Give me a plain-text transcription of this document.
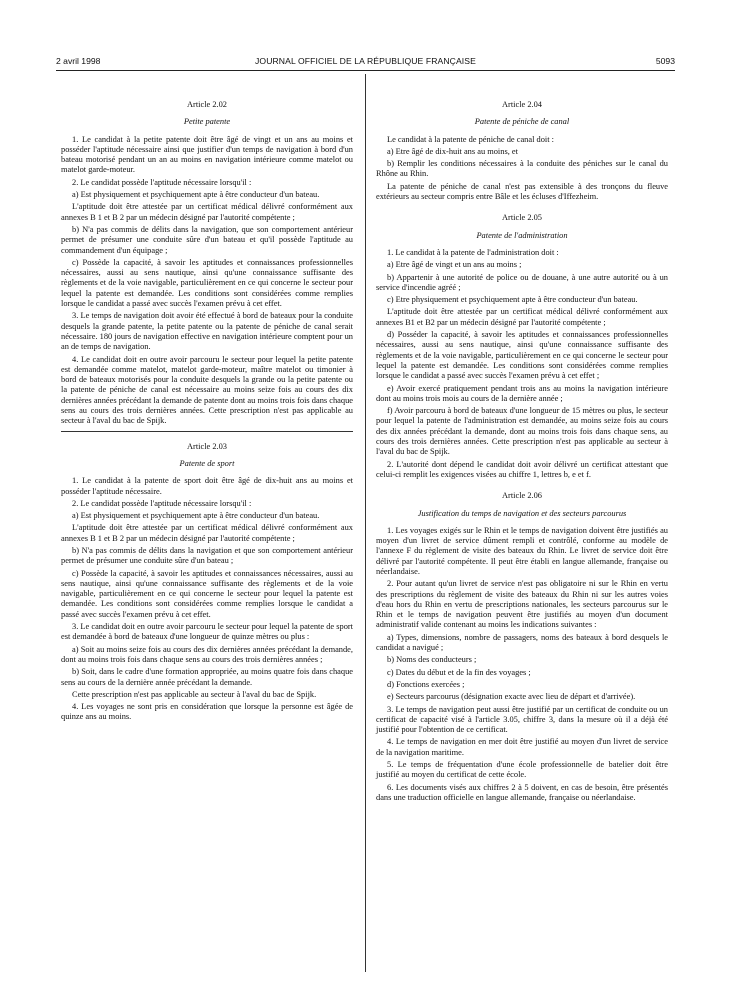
2 avril 1998	JOURNAL OFFICIEL DE LA RÉPUBLIQUE FRANÇAISE	5093
Article 2.02
Petite patente
1. Le candidat à la petite patente doit être âgé de vingt et un ans au moins et posséder l'aptitude nécessaire ainsi que justifier d'un temps de navigation à bord d'un bateau motorisé pendant un an au moins en navigation intérieure comme matelot ou matelot garde-moteur.
2. Le candidat possède l'aptitude nécessaire lorsqu'il :
a) Est physiquement et psychiquement apte à être conducteur d'un bateau.
L'aptitude doit être attestée par un certificat médical délivré conformément aux annexes B 1 et B 2 par un médecin désigné par l'autorité compétente ;
b) N'a pas commis de délits dans la navigation, que son comportement antérieur permet de présumer une conduite sûre d'un bateau et qu'il possède l'aptitude au commandement d'un équipage ;
c) Possède la capacité, à savoir les aptitudes et connaissances professionnelles nécessaires, aussi au sens nautique, ainsi qu'une connaissance suffisante des règlements et de la voie navigable, particulièrement en ce qui concerne le secteur pour lequel la patente est demandée. Les conditions sont considérées comme remplies lorsque le candidat a passé avec succès l'examen prévu à cet effet.
3. Le temps de navigation doit avoir été effectué à bord de bateaux pour la conduite desquels la grande patente, la petite patente ou la patente de péniche de canal serait nécessaire. 180 jours de navigation effective en navigation intérieure comptent pour un an de temps de navigation.
4. Le candidat doit en outre avoir parcouru le secteur pour lequel la petite patente est demandée comme matelot, matelot garde-moteur, maître matelot ou timonier à bord de bateaux motorisés pour la conduite desquels la grande ou la petite patente ou la patente de péniche de canal est nécessaire au moins seize fois au cours des dix dernières années précédant la demande de patente dont au moins trois fois dans chaque sens au cours des trois dernières années. Cette prescription n'est pas applicable au secteur à l'aval du bac de Spijk.
Article 2.03
Patente de sport
1. Le candidat à la patente de sport doit être âgé de dix-huit ans au moins et posséder l'aptitude nécessaire.
2. Le candidat possède l'aptitude nécessaire lorsqu'il :
a) Est physiquement et psychiquement apte à être conducteur d'un bateau.
L'aptitude doit être attestée par un certificat médical délivré conformément aux annexes B 1 et B 2 par un médecin désigné par l'autorité compétente ;
b) N'a pas commis de délits dans la navigation et que son comportement antérieur permet de présumer une conduite sûre d'un bateau ;
c) Possède la capacité, à savoir les aptitudes et connaissances nécessaires, aussi au sens nautique, ainsi qu'une connaissance suffisante des règlements et de la voie navigable, particulièrement en ce qui concerne le secteur pour lequel la patente est demandée. Les conditions sont considérées comme remplies lorsque le candidat a passé avec succès l'examen prévu à cet effet.
3. Le candidat doit en outre avoir parcouru le secteur pour lequel la patente de sport est demandée à bord de bateaux d'une longueur de quinze mètres ou plus :
a) Soit au moins seize fois au cours des dix dernières années précédant la demande, dont au moins trois fois dans chaque sens au cours des trois dernières années ;
b) Soit, dans le cadre d'une formation appropriée, au moins quatre fois dans chaque sens au cours de la dernière année précédant la demande.
Cette prescription n'est pas applicable au secteur à l'aval du bac de Spijk.
4. Les voyages ne sont pris en considération que lorsque la personne est âgée de quinze ans au moins.
Article 2.04
Patente de péniche de canal
Le candidat à la patente de péniche de canal doit :
a) Etre âgé de dix-huit ans au moins, et
b) Remplir les conditions nécessaires à la conduite des péniches sur le canal du Rhône au Rhin.
La patente de péniche de canal n'est pas extensible à des tronçons du fleuve extérieurs au secteur compris entre Bâle et les écluses d'Iffezheim.
Article 2.05
Patente de l'administration
1. Le candidat à la patente de l'administration doit :
a) Etre âgé de vingt et un ans au moins ;
b) Appartenir à une autorité de police ou de douane, à une autre autorité ou à un service d'incendie agréé ;
c) Etre physiquement et psychiquement apte à être conducteur d'un bateau.
L'aptitude doit être attestée par un certificat médical délivré conformément aux annexes B1 et B2 par un médecin désigné par l'autorité compétente ;
d) Posséder la capacité, à savoir les aptitudes et connaissances professionnelles nécessaires, aussi au sens nautique, ainsi qu'une connaissance suffisante des règlements et de la voie navigable, particulièrement en ce qui concerne le secteur pour lequel la patente est demandée. Les conditions sont considérées comme remplies lorsque le candidat a passé avec succès l'examen prévu à cet effet ;
e) Avoir exercé pratiquement pendant trois ans au moins la navigation intérieure dont au moins trois mois au cours de la dernière année ;
f) Avoir parcouru à bord de bateaux d'une longueur de 15 mètres ou plus, le secteur pour lequel la patente de l'administration est demandée, au moins seize fois au cours des dix années précédant la demande, dont au moins trois fois dans chaque sens, au cours des trois dernières années. Cette prescription n'est pas applicable au secteur à l'aval du bac de Spijk.
2. L'autorité dont dépend le candidat doit avoir délivré un certificat attestant que celui-ci remplit les exigences visées au chiffre 1, lettres b, e et f.
Article 2.06
Justification du temps de navigation et des secteurs parcourus
1. Les voyages exigés sur le Rhin et le temps de navigation doivent être justifiés au moyen d'un livret de service dûment rempli et contrôlé, conforme au modèle de l'annexe F du règlement de visite des bateaux du Rhin. Le livret de service doit être délivré par l'autorité compétente. Il peut être établi en langue allemande, française ou néerlandaise.
2. Pour autant qu'un livret de service n'est pas obligatoire ni sur le Rhin en vertu des prescriptions du règlement de visite des bateaux du Rhin ni sur les autres voies d'eau hors du Rhin en vertu de prescriptions nationales, les secteurs parcourus sur le Rhin et le temps de navigation peuvent être justifiés au moyen d'un document administratif valide contenant au moins les indications suivantes :
a) Types, dimensions, nombre de passagers, noms des bateaux à bord desquels le candidat a navigué ;
b) Noms des conducteurs ;
c) Dates du début et de la fin des voyages ;
d) Fonctions exercées ;
e) Secteurs parcourus (désignation exacte avec lieu de départ et d'arrivée).
3. Le temps de navigation peut aussi être justifié par un certificat de conduite ou un certificat de capacité visé à l'article 3.05, chiffre 3, dans la mesure où il a déjà été justifié pour l'obtention de ce certificat.
4. Le temps de navigation en mer doit être justifié au moyen d'un livret de service de la navigation maritime.
5. Le temps de fréquentation d'une école professionnelle de batelier doit être justifié au moyen du certificat de cette école.
6. Les documents visés aux chiffres 2 à 5 doivent, en cas de besoin, être présentés dans une traduction officielle en langue allemande, française ou néerlandaise.
